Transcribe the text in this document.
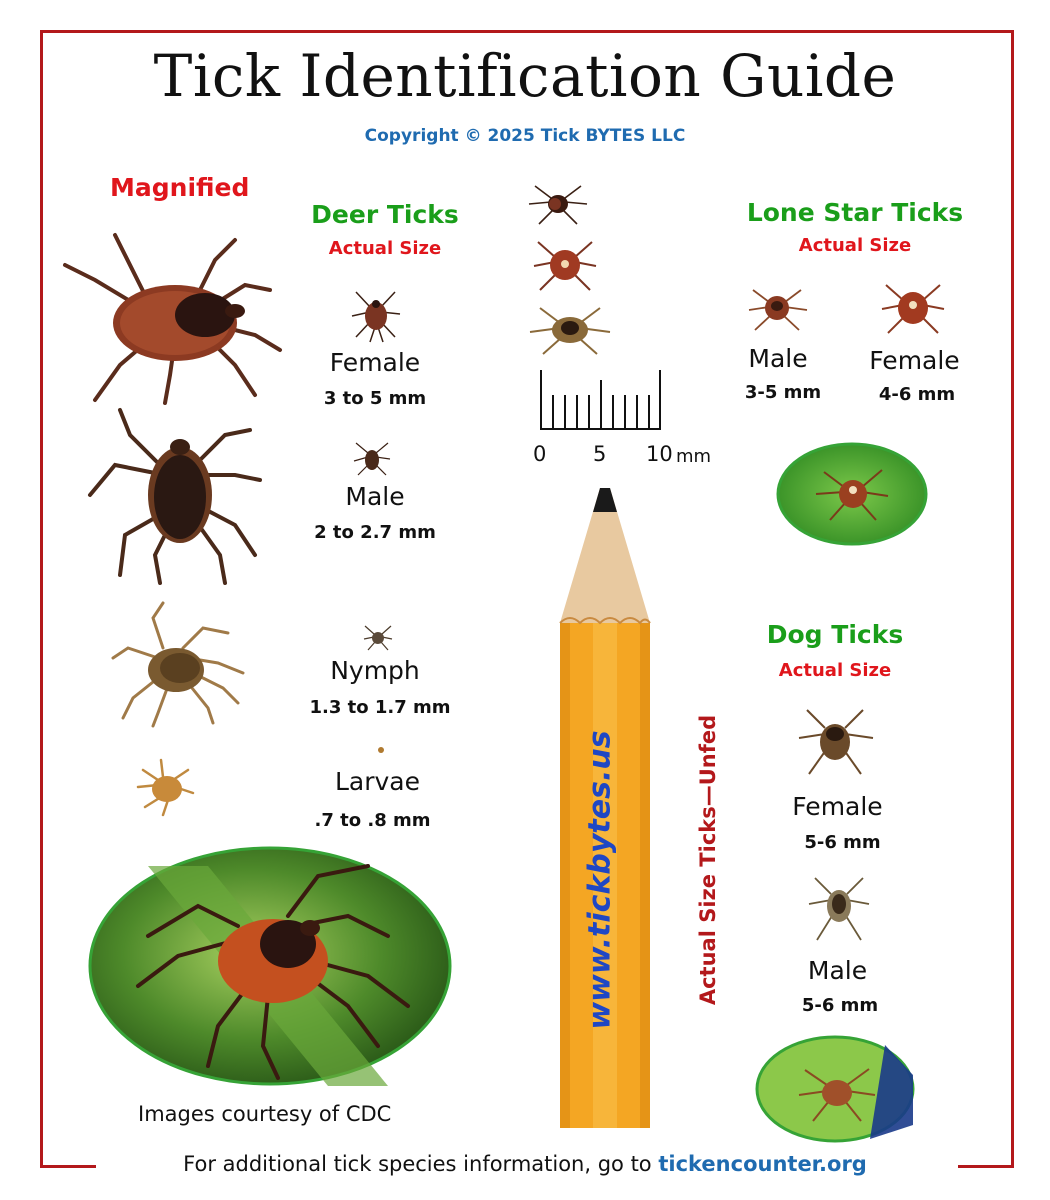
Tick Identification Guide
Copyright © 2025 Tick BYTES LLC
Magnified
Deer Ticks
Actual Size
Female
3 to 5 mm
Male
2 to 2.7 mm
Nymph
1.3 to 1.7 mm
Larvae
.7 to .8 mm
0 5 10 mm
www.tickbytes.us	Actual Size Ticks—Unfed
Lone Star Ticks
Actual Size
Male
3-5 mm
Female
4-6 mm
Dog Ticks
Actual Size
Female
5-6 mm
Male
5-6 mm
Images courtesy of CDC
For additional tick species information, go to tickencounter.org
